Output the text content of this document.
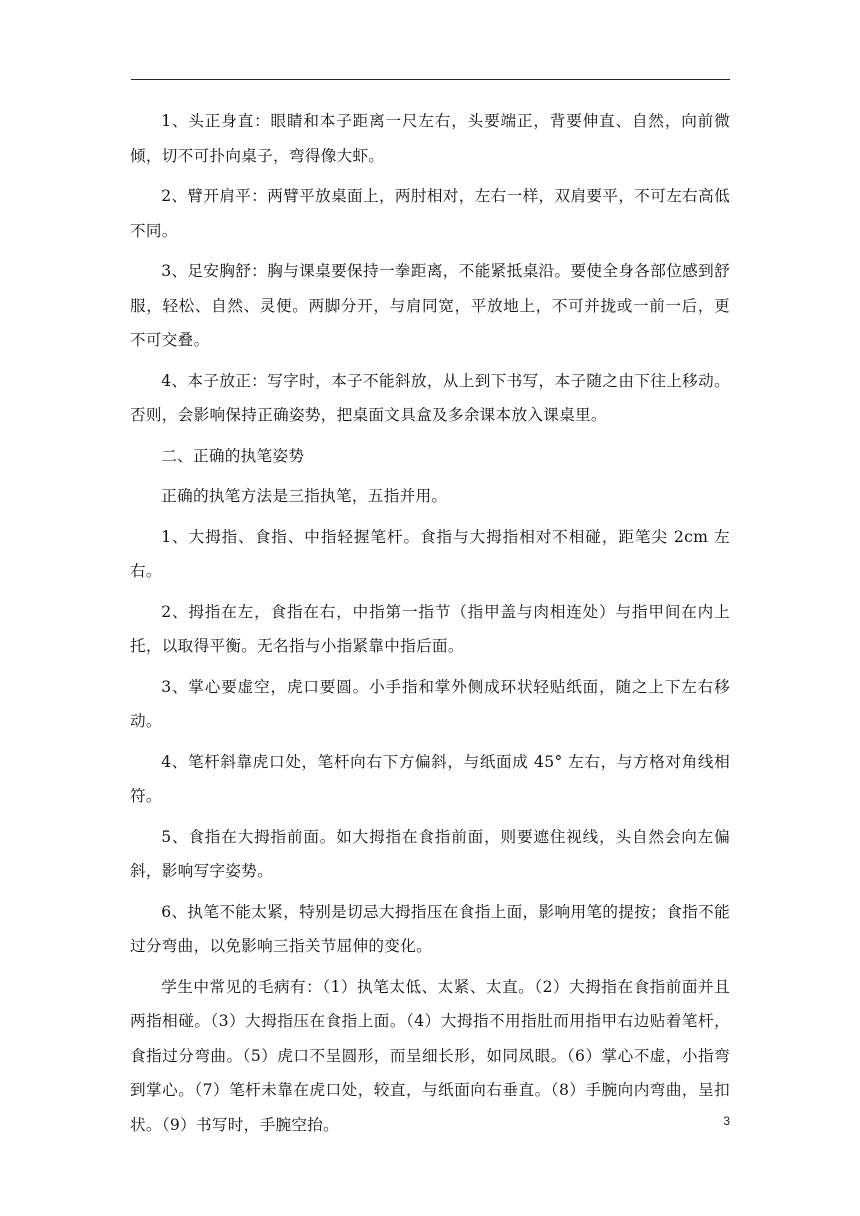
1、头正身直：眼睛和本子距离一尺左右，头要端正，背要伸直、自然，向前微倾，切不可扑向桌子，弯得像大虾。

2、臂开肩平：两臂平放桌面上，两肘相对，左右一样，双肩要平，不可左右高低不同。

3、足安胸舒：胸与课桌要保持一拳距离，不能紧抵桌沿。要使全身各部位感到舒服，轻松、自然、灵便。两脚分开，与肩同宽，平放地上，不可并拢或一前一后，更不可交叠。

4、本子放正：写字时，本子不能斜放，从上到下书写，本子随之由下往上移动。否则，会影响保持正确姿势，把桌面文具盒及多余课本放入课桌里。

二、正确的执笔姿势

正确的执笔方法是三指执笔，五指并用。

1、大拇指、食指、中指轻握笔杆。食指与大拇指相对不相碰，距笔尖 2cm 左右。

2、拇指在左，食指在右，中指第一指节（指甲盖与肉相连处）与指甲间在内上托，以取得平衡。无名指与小指紧靠中指后面。

3、掌心要虚空，虎口要圆。小手指和掌外侧成环状轻贴纸面，随之上下左右移动。

4、笔杆斜靠虎口处，笔杆向右下方偏斜，与纸面成 45° 左右，与方格对角线相符。

5、食指在大拇指前面。如大拇指在食指前面，则要遮住视线，头自然会向左偏斜，影响写字姿势。

6、执笔不能太紧，特别是切忌大拇指压在食指上面，影响用笔的提按；食指不能过分弯曲，以免影响三指关节屈伸的变化。

学生中常见的毛病有：（1）执笔太低、太紧、太直。（2）大拇指在食指前面并且两指相碰。（3）大拇指压在食指上面。（4）大拇指不用指肚而用指甲右边贴着笔杆，食指过分弯曲。（5）虎口不呈圆形，而呈细长形，如同凤眼。（6）掌心不虚，小指弯到掌心。（7）笔杆未靠在虎口处，较直，与纸面向右垂直。（8）手腕向内弯曲，呈扣状。（9）书写时，手腕空抬。	3
